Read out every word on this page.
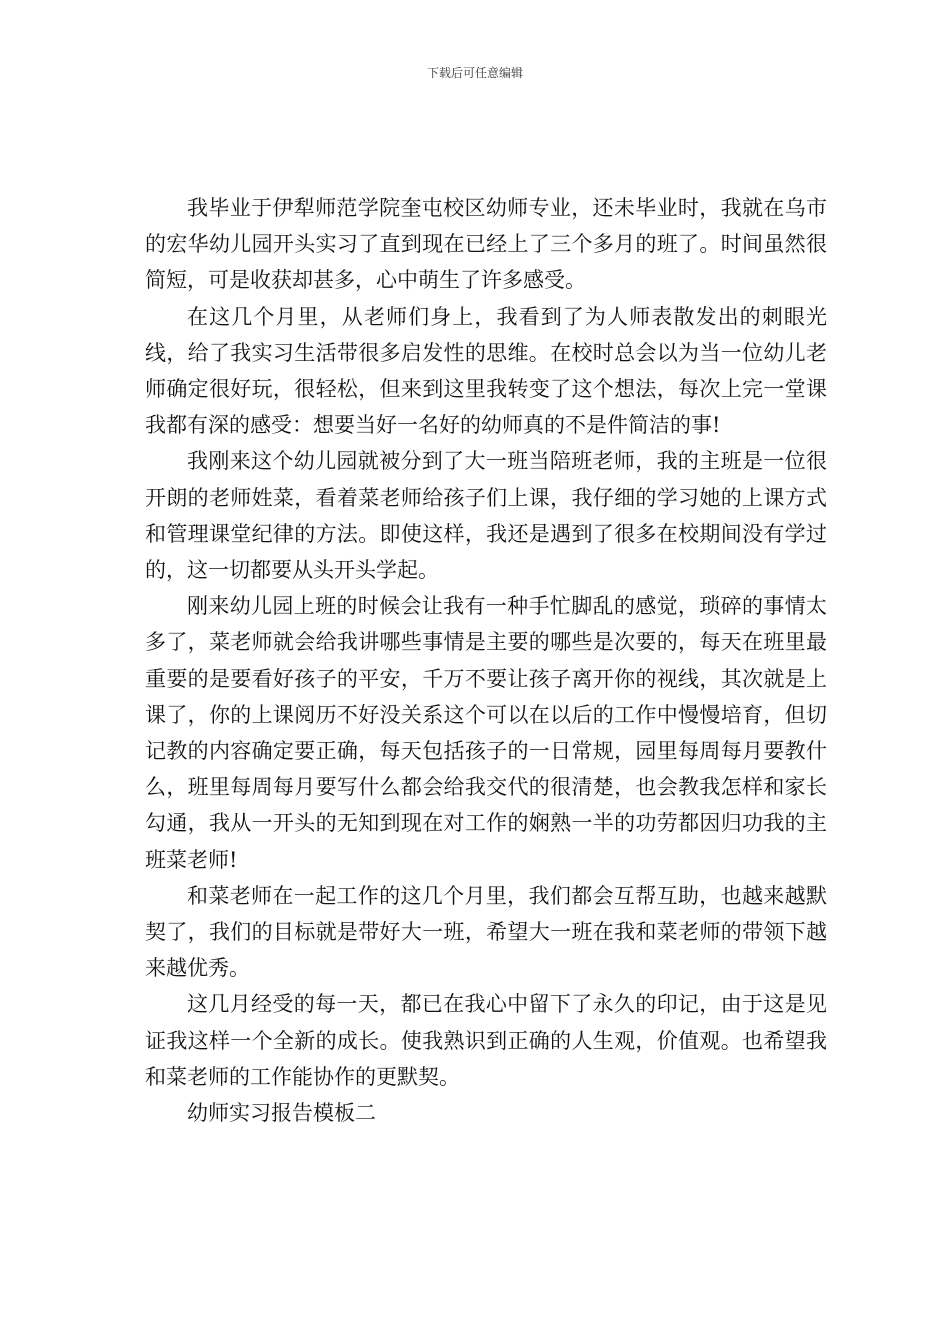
下载后可任意编辑

我毕业于伊犁师范学院奎屯校区幼师专业，还未毕业时，我就在乌市的宏华幼儿园开头实习了直到现在已经上了三个多月的班了。时间虽然很简短，可是收获却甚多，心中萌生了许多感受。

在这几个月里，从老师们身上，我看到了为人师表散发出的刺眼光线，给了我实习生活带很多启发性的思维。在校时总会以为当一位幼儿老师确定很好玩，很轻松，但来到这里我转变了这个想法，每次上完一堂课我都有深的感受：想要当好一名好的幼师真的不是件简洁的事!

我刚来这个幼儿园就被分到了大一班当陪班老师，我的主班是一位很开朗的老师姓菜，看着菜老师给孩子们上课，我仔细的学习她的上课方式和管理课堂纪律的方法。即使这样，我还是遇到了很多在校期间没有学过的，这一切都要从头开头学起。

刚来幼儿园上班的时候会让我有一种手忙脚乱的感觉，琐碎的事情太多了，菜老师就会给我讲哪些事情是主要的哪些是次要的，每天在班里最重要的是要看好孩子的平安，千万不要让孩子离开你的视线，其次就是上课了，你的上课阅历不好没关系这个可以在以后的工作中慢慢培育，但切记教的内容确定要正确，每天包括孩子的一日常规，园里每周每月要教什么，班里每周每月要写什么都会给我交代的很清楚，也会教我怎样和家长勾通，我从一开头的无知到现在对工作的娴熟一半的功劳都因归功我的主班菜老师!

和菜老师在一起工作的这几个月里，我们都会互帮互助，也越来越默契了，我们的目标就是带好大一班，希望大一班在我和菜老师的带领下越来越优秀。

这几月经受的每一天，都已在我心中留下了永久的印记，由于这是见证我这样一个全新的成长。使我熟识到正确的人生观，价值观。也希望我和菜老师的工作能协作的更默契。

幼师实习报告模板二
